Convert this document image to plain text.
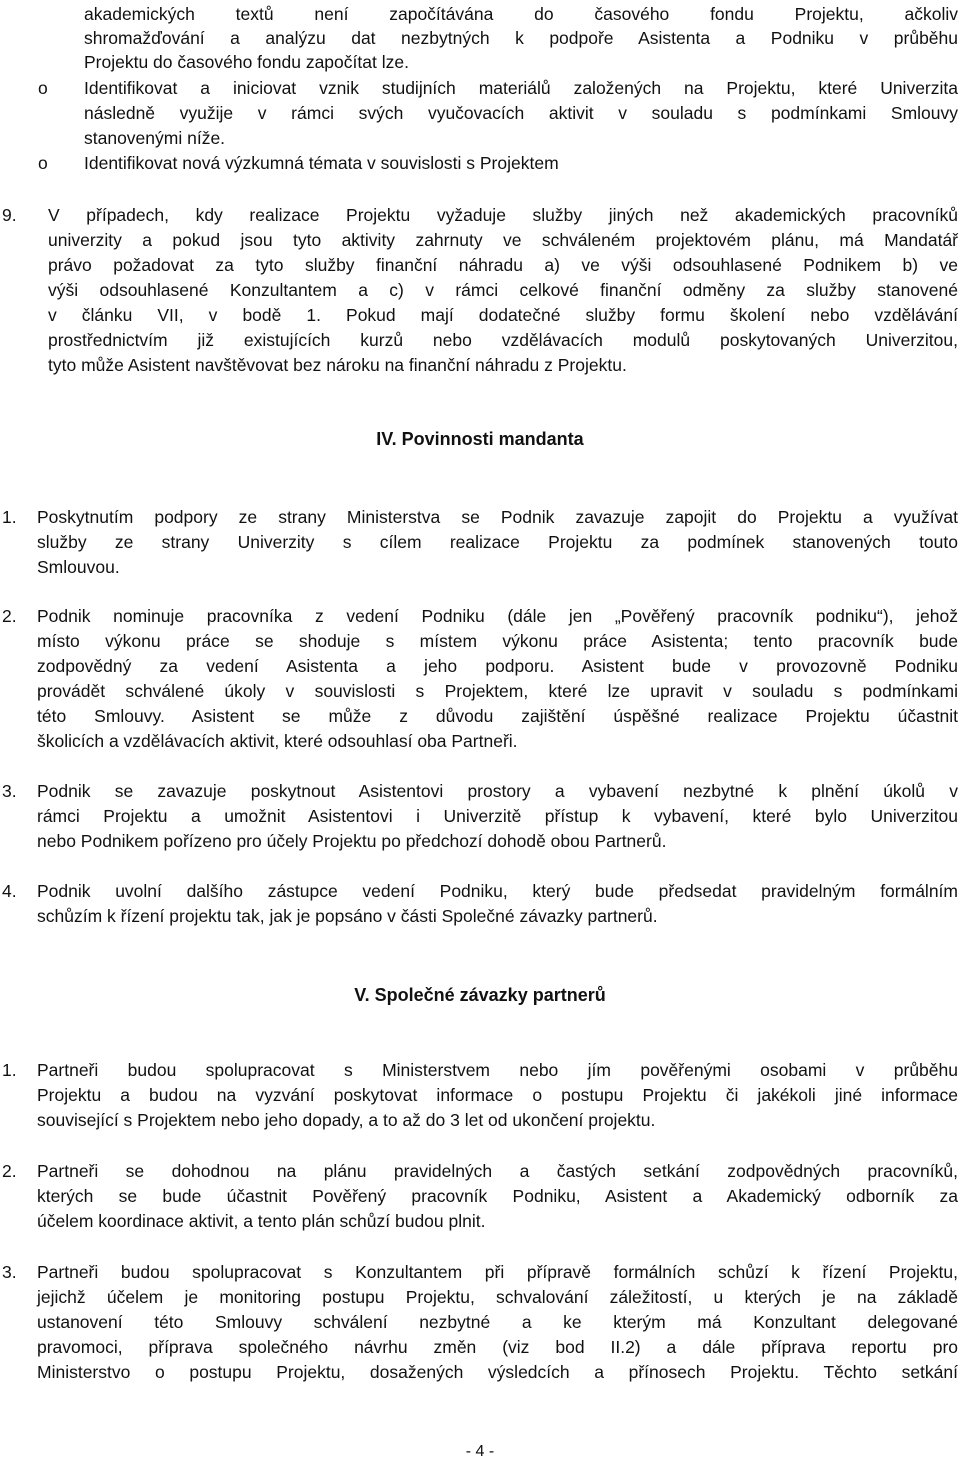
akademických textů není započítávána do časového fondu Projektu, ačkoliv
shromažďování a analýzu dat nezbytných k podpoře Asistenta a Podniku v průběhu
Projektu do časového fondu započítat lze.
o Identifikovat a iniciovat vznik studijních materiálů založených na Projektu, které Univerzita
následně využije v rámci svých vyučovacích aktivit v souladu s podmínkami Smlouvy
stanovenými níže.
o Identifikovat nová výzkumná témata v souvislosti s Projektem
9. V případech, kdy realizace Projektu vyžaduje služby jiných než akademických pracovníků
univerzity a pokud jsou tyto aktivity zahrnuty ve schváleném projektovém plánu, má Mandatář
právo požadovat za tyto služby finanční náhradu a) ve výši odsouhlasené Podnikem b) ve
výši odsouhlasené Konzultantem a c) v rámci celkové finanční odměny za služby stanovené
v článku VII, v bodě 1. Pokud mají dodatečné služby formu školení nebo vzdělávání
prostřednictvím již existujících kurzů nebo vzdělávacích modulů poskytovaných Univerzitou,
tyto může Asistent navštěvovat bez nároku na finanční náhradu z Projektu.
IV. Povinnosti mandanta
1. Poskytnutím podpory ze strany Ministerstva se Podnik zavazuje zapojit do Projektu a využívat
služby ze strany Univerzity s cílem realizace Projektu za podmínek stanovených touto
Smlouvou.
2. Podnik nominuje pracovníka z vedení Podniku (dále jen „Pověřený pracovník podniku“), jehož
místo výkonu práce se shoduje s místem výkonu práce Asistenta; tento pracovník bude
zodpovědný za vedení Asistenta a jeho podporu. Asistent bude v provozovně Podniku
provádět schválené úkoly v souvislosti s Projektem, které lze upravit v souladu s podmínkami
této Smlouvy. Asistent se může z důvodu zajištění úspěšné realizace Projektu účastnit
školicích a vzdělávacích aktivit, které odsouhlasí oba Partneři.
3. Podnik se zavazuje poskytnout Asistentovi prostory a vybavení nezbytné k plnění úkolů v
rámci Projektu a umožnit Asistentovi i Univerzitě přístup k vybavení, které bylo Univerzitou
nebo Podnikem pořízeno pro účely Projektu po předchozí dohodě obou Partnerů.
4. Podnik uvolní dalšího zástupce vedení Podniku, který bude předsedat pravidelným formálním
schůzím k řízení projektu tak, jak je popsáno v části Společné závazky partnerů.
V. Společné závazky partnerů
1. Partneři budou spolupracovat s Ministerstvem nebo jím pověřenými osobami v průběhu
Projektu a budou na vyzvání poskytovat informace o postupu Projektu či jakékoli jiné informace
související s Projektem nebo jeho dopady, a to až do 3 let od ukončení projektu.
2. Partneři se dohodnou na plánu pravidelných a častých setkání zodpovědných pracovníků,
kterých se bude účastnit Pověřený pracovník Podniku, Asistent a Akademický odborník za
účelem koordinace aktivit, a tento plán schůzí budou plnit.
3. Partneři budou spolupracovat s Konzultantem při přípravě formálních schůzí k řízení Projektu,
jejichž účelem je monitoring postupu Projektu, schvalování záležitostí, u kterých je na základě
ustanovení této Smlouvy schválení nezbytné a ke kterým má Konzultant delegované
pravomoci, příprava společného návrhu změn (viz bod II.2) a dále příprava reportu pro
Ministerstvo o postupu Projektu, dosažených výsledcích a přínosech Projektu. Těchto setkání
- 4 -
